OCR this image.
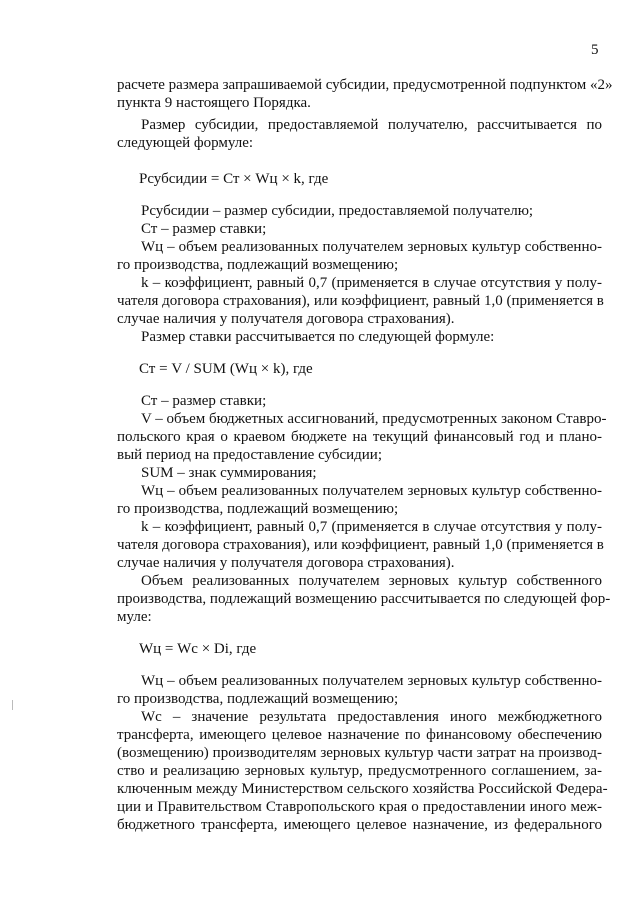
5
расчете размера запрашиваемой субсидии, предусмотренной подпунктом «2»
пункта 9 настоящего Порядка.
Размер субсидии, предоставляемой получателю, рассчитывается по
следующей формуле:
Pсубсидии = Ст × Wц × k, где
Pсубсидии – размер субсидии, предоставляемой получателю;
Ст – размер ставки;
Wц – объем реализованных получателем зерновых культур собственно-
го производства, подлежащий возмещению;
k – коэффициент, равный 0,7 (применяется в случае отсутствия у полу-
чателя договора страхования), или коэффициент, равный 1,0 (применяется в
случае наличия у получателя договора страхования).
Размер ставки рассчитывается по следующей формуле:
Ст = V / SUM (Wц × k), где
Ст – размер ставки;
V – объем бюджетных ассигнований, предусмотренных законом Ставро-
польского края о краевом бюджете на текущий финансовый год и плано-
вый период на предоставление субсидии;
SUM – знак суммирования;
Wц – объем реализованных получателем зерновых культур собственно-
го производства, подлежащий возмещению;
k – коэффициент, равный 0,7 (применяется в случае отсутствия у полу-
чателя договора страхования), или коэффициент, равный 1,0 (применяется в
случае наличия у получателя договора страхования).
Объем реализованных получателем зерновых культур собственного
производства, подлежащий возмещению рассчитывается по следующей фор-
муле:
Wц = Wс × Di, где
Wц – объем реализованных получателем зерновых культур собственно-
го производства, подлежащий возмещению;
Wс – значение результата предоставления иного межбюджетного
трансферта, имеющего целевое назначение по финансовому обеспечению
(возмещению) производителям зерновых культур части затрат на производ-
ство и реализацию зерновых культур, предусмотренного соглашением, за-
ключенным между Министерством сельского хозяйства Российской Федера-
ции и Правительством Ставропольского края о предоставлении иного меж-
бюджетного трансферта, имеющего целевое назначение, из федерального
